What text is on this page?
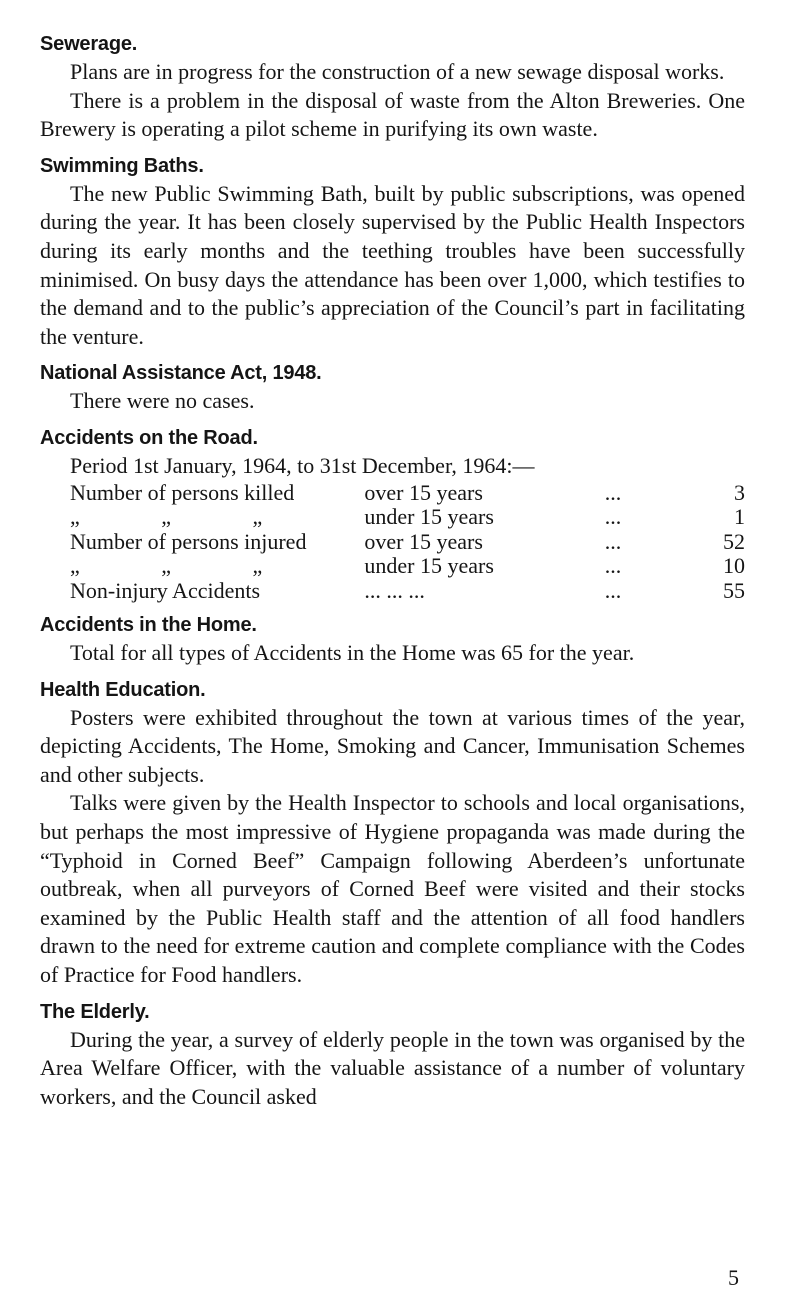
Sewerage.

Plans are in progress for the construction of a new sewage disposal works.

There is a problem in the disposal of waste from the Alton Breweries. One Brewery is operating a pilot scheme in purifying its own waste.

Swimming Baths.

The new Public Swimming Bath, built by public subscriptions, was opened during the year. It has been closely supervised by the Public Health Inspectors during its early months and the teething troubles have been successfully minimised. On busy days the attendance has been over 1,000, which testifies to the demand and to the public’s appreciation of the Council’s part in facilitating the venture.

National Assistance Act, 1948.

There were no cases.

Accidents on the Road.
Period 1st January, 1964, to 31st December, 1964:—
Number of persons killed	over 15 years	...	3
„ „ „	under 15 years	...	1
Number of persons injured	over 15 years	...	52
„ „ „	under 15 years	...	10
Non-injury Accidents	... ... ...	...	55
Accidents in the Home.

Total for all types of Accidents in the Home was 65 for the year.

Health Education.

Posters were exhibited throughout the town at various times of the year, depicting Accidents, The Home, Smoking and Cancer, Immunisation Schemes and other subjects.

Talks were given by the Health Inspector to schools and local organisations, but perhaps the most impressive of Hygiene propaganda was made during the “Typhoid in Corned Beef” Campaign following Aberdeen’s unfortunate outbreak, when all purveyors of Corned Beef were visited and their stocks examined by the Public Health staff and the attention of all food handlers drawn to the need for extreme caution and complete compliance with the Codes of Practice for Food handlers.

The Elderly.

During the year, a survey of elderly people in the town was organised by the Area Welfare Officer, with the valuable assistance of a number of voluntary workers, and the Council asked

5
